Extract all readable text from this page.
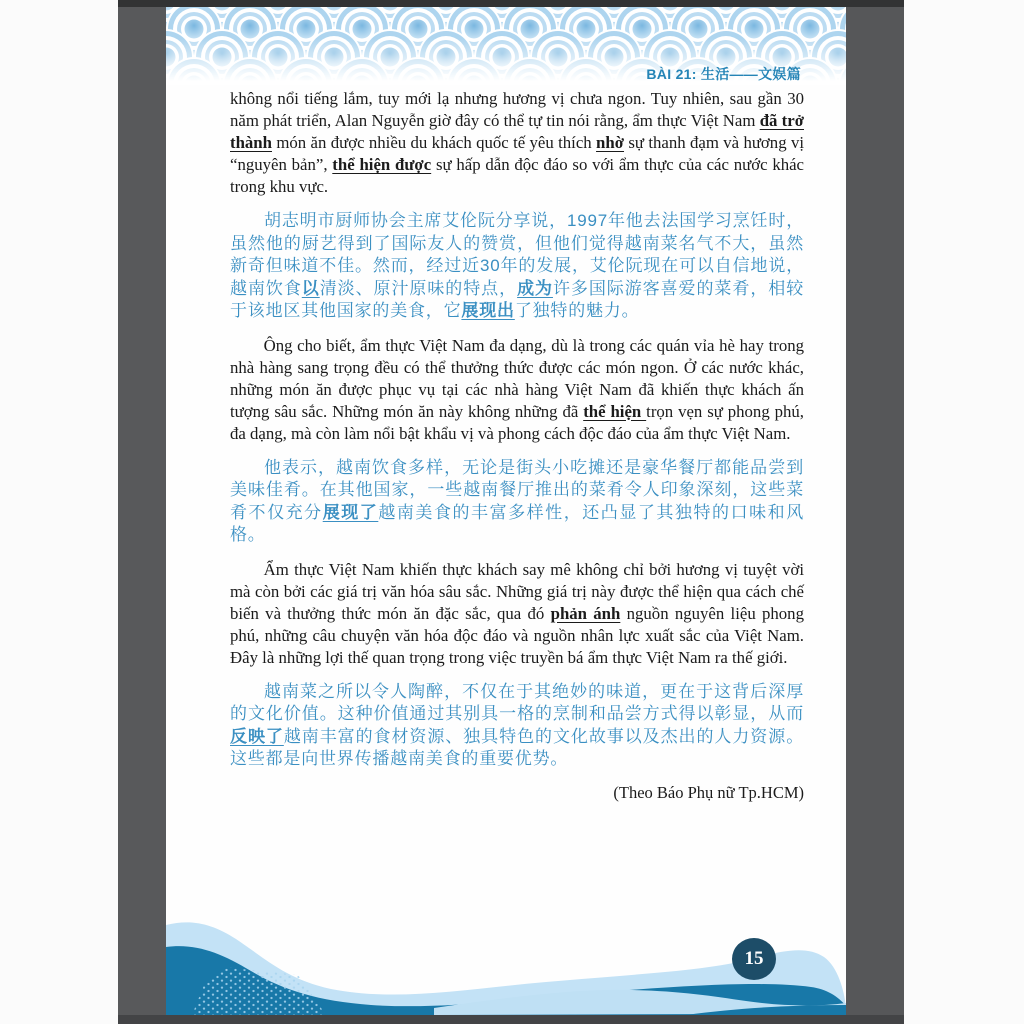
BÀI 21: 生活——文娱篇

không nổi tiếng lắm, tuy mới lạ nhưng hương vị chưa ngon. Tuy nhiên, sau gần 30 năm phát triển, Alan Nguyễn giờ đây có thể tự tin nói rằng, ẩm thực Việt Nam đã trở thành món ăn được nhiều du khách quốc tế yêu thích nhờ sự thanh đạm và hương vị “nguyên bản”, thể hiện được sự hấp dẫn độc đáo so với ẩm thực của các nước khác trong khu vực.

胡志明市厨师协会主席艾伦阮分享说，1997年他去法国学习烹饪时，虽然他的厨艺得到了国际友人的赞赏，但他们觉得越南菜名气不大，虽然新奇但味道不佳。然而，经过近30年的发展，艾伦阮现在可以自信地说，越南饮食以清淡、原汁原味的特点，成为许多国际游客喜爱的菜肴，相较于该地区其他国家的美食，它展现出了独特的魅力。

Ông cho biết, ẩm thực Việt Nam đa dạng, dù là trong các quán vỉa hè hay trong nhà hàng sang trọng đều có thể thưởng thức được các món ngon. Ở các nước khác, những món ăn được phục vụ tại các nhà hàng Việt Nam đã khiến thực khách ấn tượng sâu sắc. Những món ăn này không những đã thể hiện trọn vẹn sự phong phú, đa dạng, mà còn làm nổi bật khẩu vị và phong cách độc đáo của ẩm thực Việt Nam.

他表示，越南饮食多样，无论是街头小吃摊还是豪华餐厅都能品尝到美味佳肴。在其他国家，一些越南餐厅推出的菜肴令人印象深刻，这些菜肴不仅充分展现了越南美食的丰富多样性，还凸显了其独特的口味和风格。

Ẩm thực Việt Nam khiến thực khách say mê không chỉ bởi hương vị tuyệt vời mà còn bởi các giá trị văn hóa sâu sắc. Những giá trị này được thể hiện qua cách chế biến và thưởng thức món ăn đặc sắc, qua đó phản ánh nguồn nguyên liệu phong phú, những câu chuyện văn hóa độc đáo và nguồn nhân lực xuất sắc của Việt Nam. Đây là những lợi thế quan trọng trong việc truyền bá ẩm thực Việt Nam ra thế giới.

越南菜之所以令人陶醉，不仅在于其绝妙的味道，更在于这背后深厚的文化价值。这种价值通过其别具一格的烹制和品尝方式得以彰显，从而反映了越南丰富的食材资源、独具特色的文化故事以及杰出的人力资源。这些都是向世界传播越南美食的重要优势。

(Theo Báo Phụ nữ Tp.HCM)

15
